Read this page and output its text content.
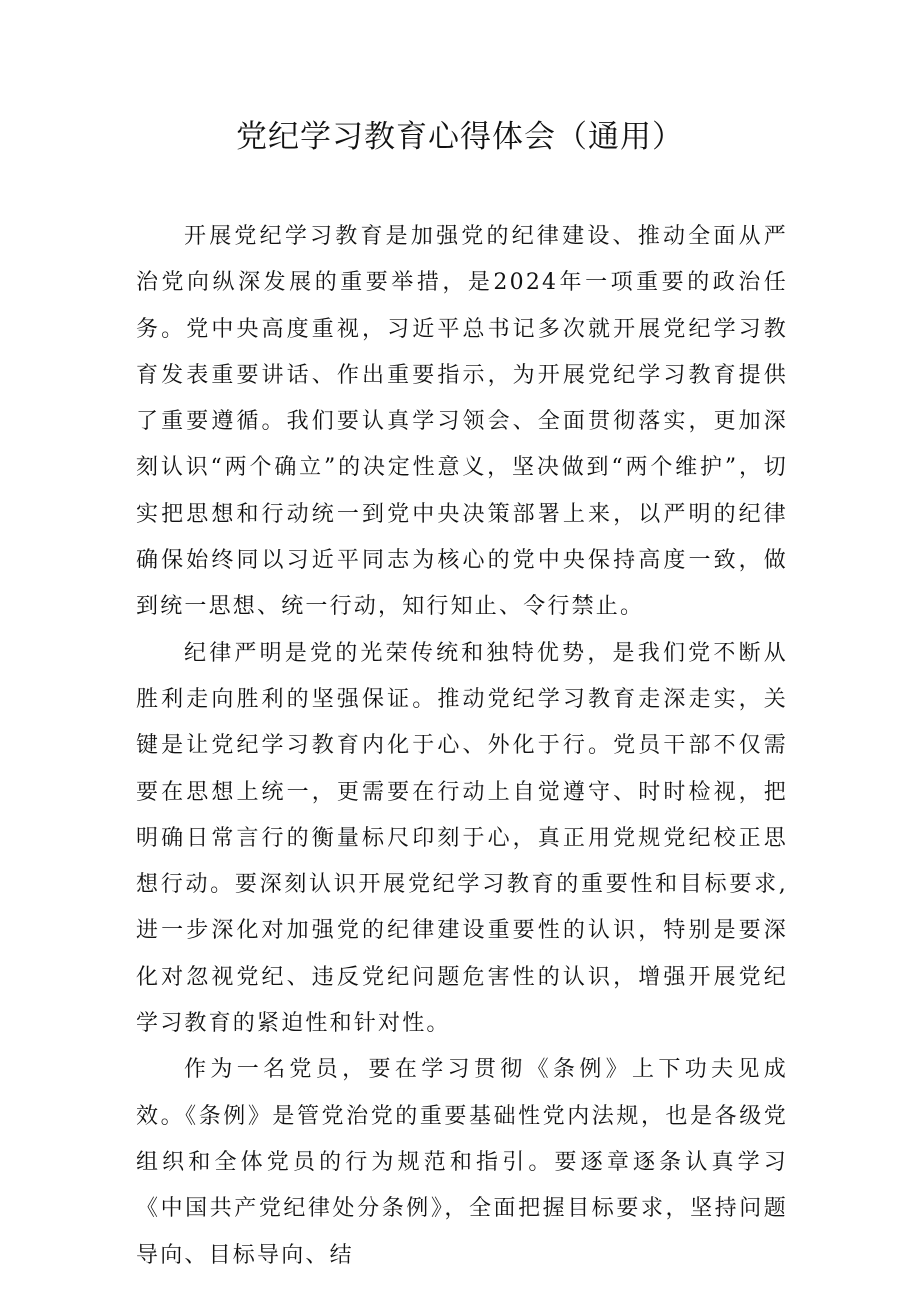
党纪学习教育心得体会（通用）

开展党纪学习教育是加强党的纪律建设、推动全面从严治党向纵深发展的重要举措，是2024年一项重要的政治任务。党中央高度重视，习近平总书记多次就开展党纪学习教育发表重要讲话、作出重要指示，为开展党纪学习教育提供了重要遵循。我们要认真学习领会、全面贯彻落实，更加深刻认识“两个确立”的决定性意义，坚决做到“两个维护”，切实把思想和行动统一到党中央决策部署上来，以严明的纪律确保始终同以习近平同志为核心的党中央保持高度一致，做到统一思想、统一行动，知行知止、令行禁止。

纪律严明是党的光荣传统和独特优势，是我们党不断从胜利走向胜利的坚强保证。推动党纪学习教育走深走实，关键是让党纪学习教育内化于心、外化于行。党员干部不仅需要在思想上统一，更需要在行动上自觉遵守、时时检视，把明确日常言行的衡量标尺印刻于心，真正用党规党纪校正思想行动。要深刻认识开展党纪学习教育的重要性和目标要求,进一步深化对加强党的纪律建设重要性的认识，特别是要深化对忽视党纪、违反党纪问题危害性的认识，增强开展党纪学习教育的紧迫性和针对性。

作为一名党员，要在学习贯彻《条例》上下功夫见成效。《条例》是管党治党的重要基础性党内法规，也是各级党组织和全体党员的行为规范和指引。要逐章逐条认真学习《中国共产党纪律处分条例》，全面把握目标要求，坚持问题导向、目标导向、结
